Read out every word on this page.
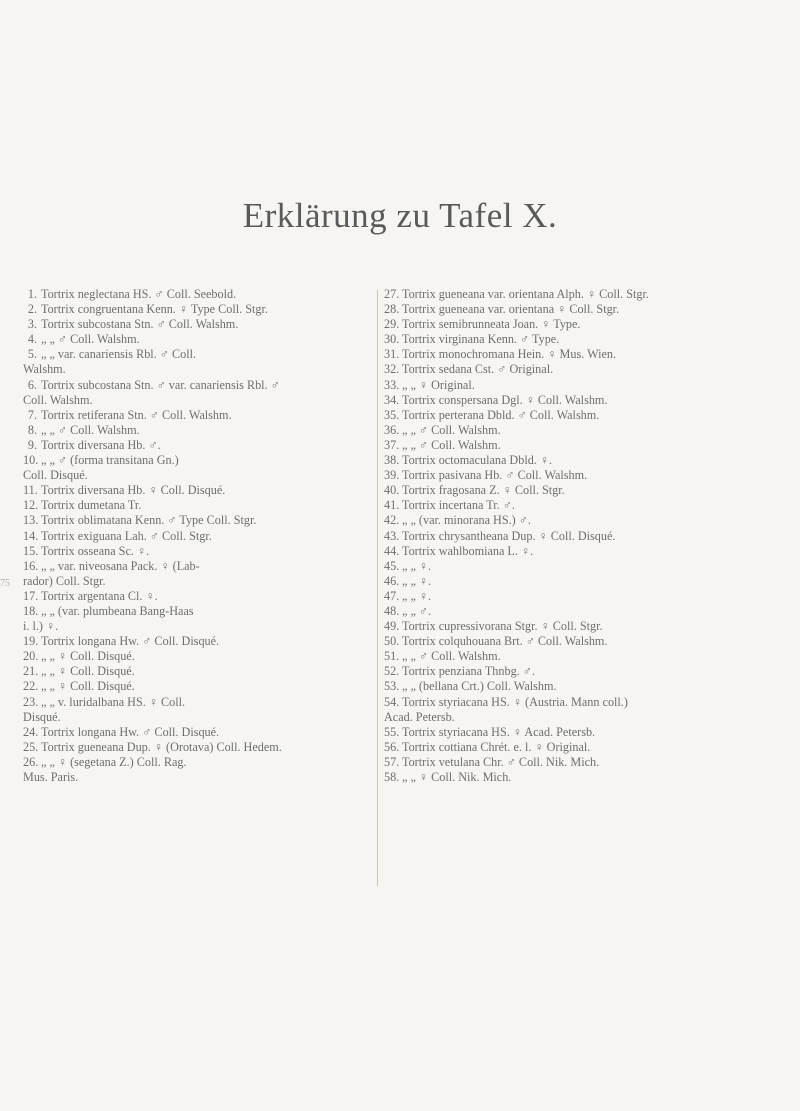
Erklärung zu Tafel X.
1. Tortrix neglectana HS. ♂ Coll. Seebold.
2. Tortrix congruentana Kenn. ♀ Type Coll. Stgr.
3. Tortrix subcostana Stn. ♂ Coll. Walshm.
4. „ „ ♂ Coll. Walshm.
5. „ „ var. canariensis Rbl. ♂ Coll.
Walshm.
6. Tortrix subcostana Stn. ♂ var. canariensis Rbl. ♂
Coll. Walshm.
7. Tortrix retiferana Stn. ♂ Coll. Walshm.
8. „ „ ♂ Coll. Walshm.
9. Tortrix diversana Hb. ♂.
10. „ „ ♂ (forma transitana Gn.)
Coll. Disqué.
11. Tortrix diversana Hb. ♀ Coll. Disqué.
12. Tortrix dumetana Tr.
13. Tortrix oblimatana Kenn. ♂ Type Coll. Stgr.
14. Tortrix exiguana Lah. ♂ Coll. Stgr.
15. Tortrix osseana Sc. ♀.
16. „ „ var. niveosana Pack. ♀ (Lab-
rador) Coll. Stgr.
17. Tortrix argentana Cl. ♀.
18. „ „ (var. plumbeana Bang-Haas
i. l.) ♀.
19. Tortrix longana Hw. ♂ Coll. Disqué.
20. „ „ ♀ Coll. Disqué.
21. „ „ ♀ Coll. Disqué.
22. „ „ ♀ Coll. Disqué.
23. „ „ v. luridalbana HS. ♀ Coll.
Disqué.
24. Tortrix longana Hw. ♂ Coll. Disqué.
25. Tortrix gueneana Dup. ♀ (Orotava) Coll. Hedem.
26. „ „ ♀ (segetana Z.) Coll. Rag.
Mus. Paris.
27. Tortrix gueneana var. orientana Alph. ♀ Coll. Stgr.
28. Tortrix gueneana var. orientana ♀ Coll. Stgr.
29. Tortrix semibrunneata Joan. ♀ Type.
30. Tortrix virginana Kenn. ♂ Type.
31. Tortrix monochromana Hein. ♀ Mus. Wien.
32. Tortrix sedana Cst. ♂ Original.
33. „ „ ♀ Original.
34. Tortrix conspersana Dgl. ♀ Coll. Walshm.
35. Tortrix perterana Dbld. ♂ Coll. Walshm.
36. „ „ ♂ Coll. Walshm.
37. „ „ ♂ Coll. Walshm.
38. Tortrix octomaculana Dbld. ♀.
39. Tortrix pasivana Hb. ♂ Coll. Walshm.
40. Tortrix fragosana Z. ♀ Coll. Stgr.
41. Tortrix incertana Tr. ♂.
42. „ „ (var. minorana HS.) ♂.
43. Tortrix chrysantheana Dup. ♀ Coll. Disqué.
44. Tortrix wahlbomiana L. ♀.
45. „ „ ♀.
46. „ „ ♀.
47. „ „ ♀.
48. „ „ ♂.
49. Tortrix cupressivorana Stgr. ♀ Coll. Stgr.
50. Tortrix colquhouana Brt. ♂ Coll. Walshm.
51. „ „ ♂ Coll. Walshm.
52. Tortrix penziana Thnbg. ♂.
53. „ „ (bellana Crt.) Coll. Walshm.
54. Tortrix styriacana HS. ♀ (Austria. Mann coll.)
Acad. Petersb.
55. Tortrix styriacana HS. ♀ Acad. Petersb.
56. Tortrix cottiana Chrét. e. l. ♀ Original.
57. Tortrix vetulana Chr. ♂ Coll. Nik. Mich.
58. „ „ ♀ Coll. Nik. Mich.
75
